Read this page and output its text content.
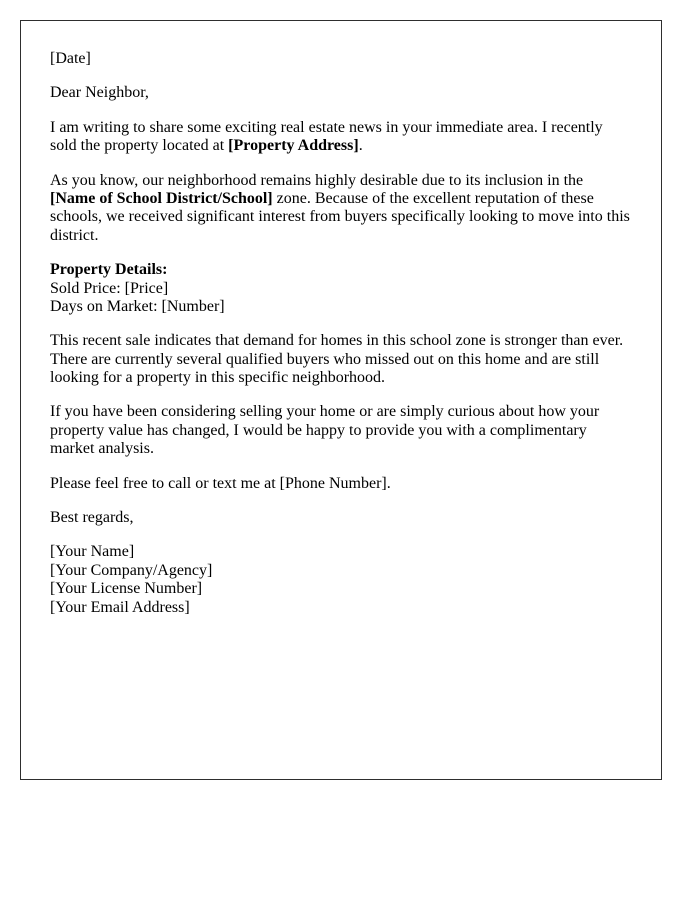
[Date]

Dear Neighbor,

I am writing to share some exciting real estate news in your immediate area. I recently sold the property located at [Property Address].

As you know, our neighborhood remains highly desirable due to its inclusion in the [Name of School District/School] zone. Because of the excellent reputation of these schools, we received significant interest from buyers specifically looking to move into this district.

Property Details:
Sold Price: [Price]
Days on Market: [Number]

This recent sale indicates that demand for homes in this school zone is stronger than ever. There are currently several qualified buyers who missed out on this home and are still looking for a property in this specific neighborhood.

If you have been considering selling your home or are simply curious about how your property value has changed, I would be happy to provide you with a complimentary market analysis.

Please feel free to call or text me at [Phone Number].

Best regards,

[Your Name]
[Your Company/Agency]
[Your License Number]
[Your Email Address]
